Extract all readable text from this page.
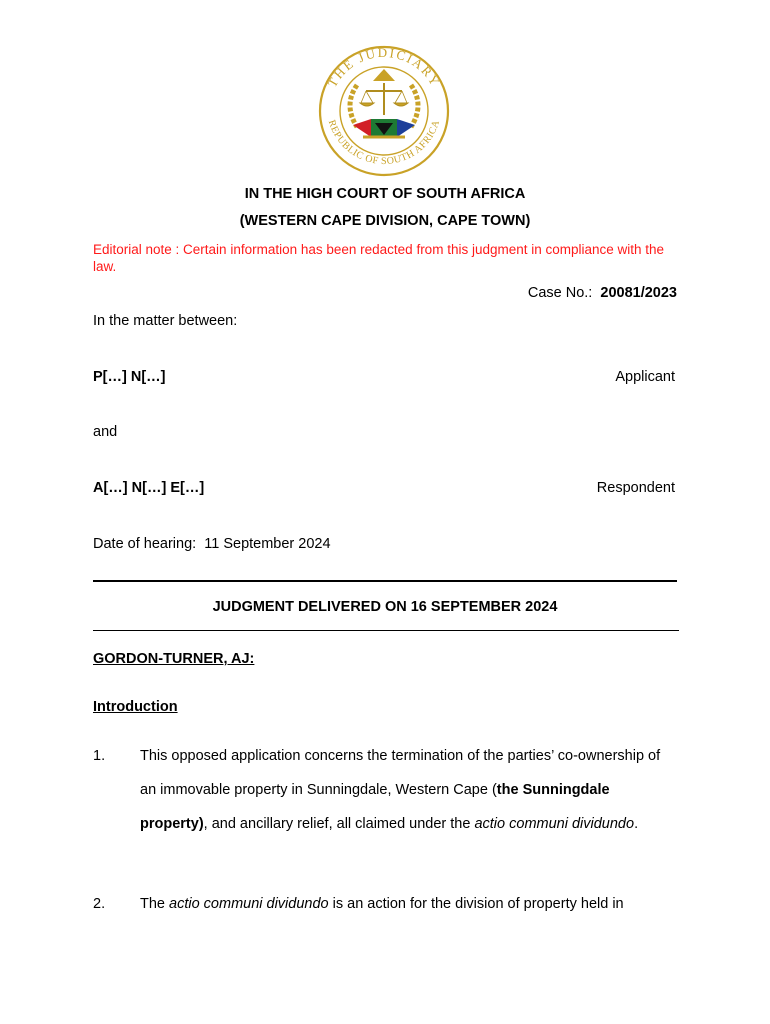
THE JUDICIARY
REPUBLIC OF SOUTH AFRICA
IN THE HIGH COURT OF SOUTH AFRICA
(WESTERN CAPE DIVISION, CAPE TOWN)
Editorial note : Certain information has been redacted from this judgment in compliance with the law.
Case No.: 20081/2023
In the matter between:
P[…] N[…]	Applicant
and
A[…] N[…] E[…]	Respondent
Date of hearing: 11 September 2024
JUDGMENT DELIVERED ON 16 SEPTEMBER 2024
GORDON-TURNER, AJ:
Introduction
1. This opposed application concerns the termination of the parties’ co-ownership of an immovable property in Sunningdale, Western Cape (the Sunningdale property), and ancillary relief, all claimed under the actio communi dividundo.
2. The actio communi dividundo is an action for the division of property held in
